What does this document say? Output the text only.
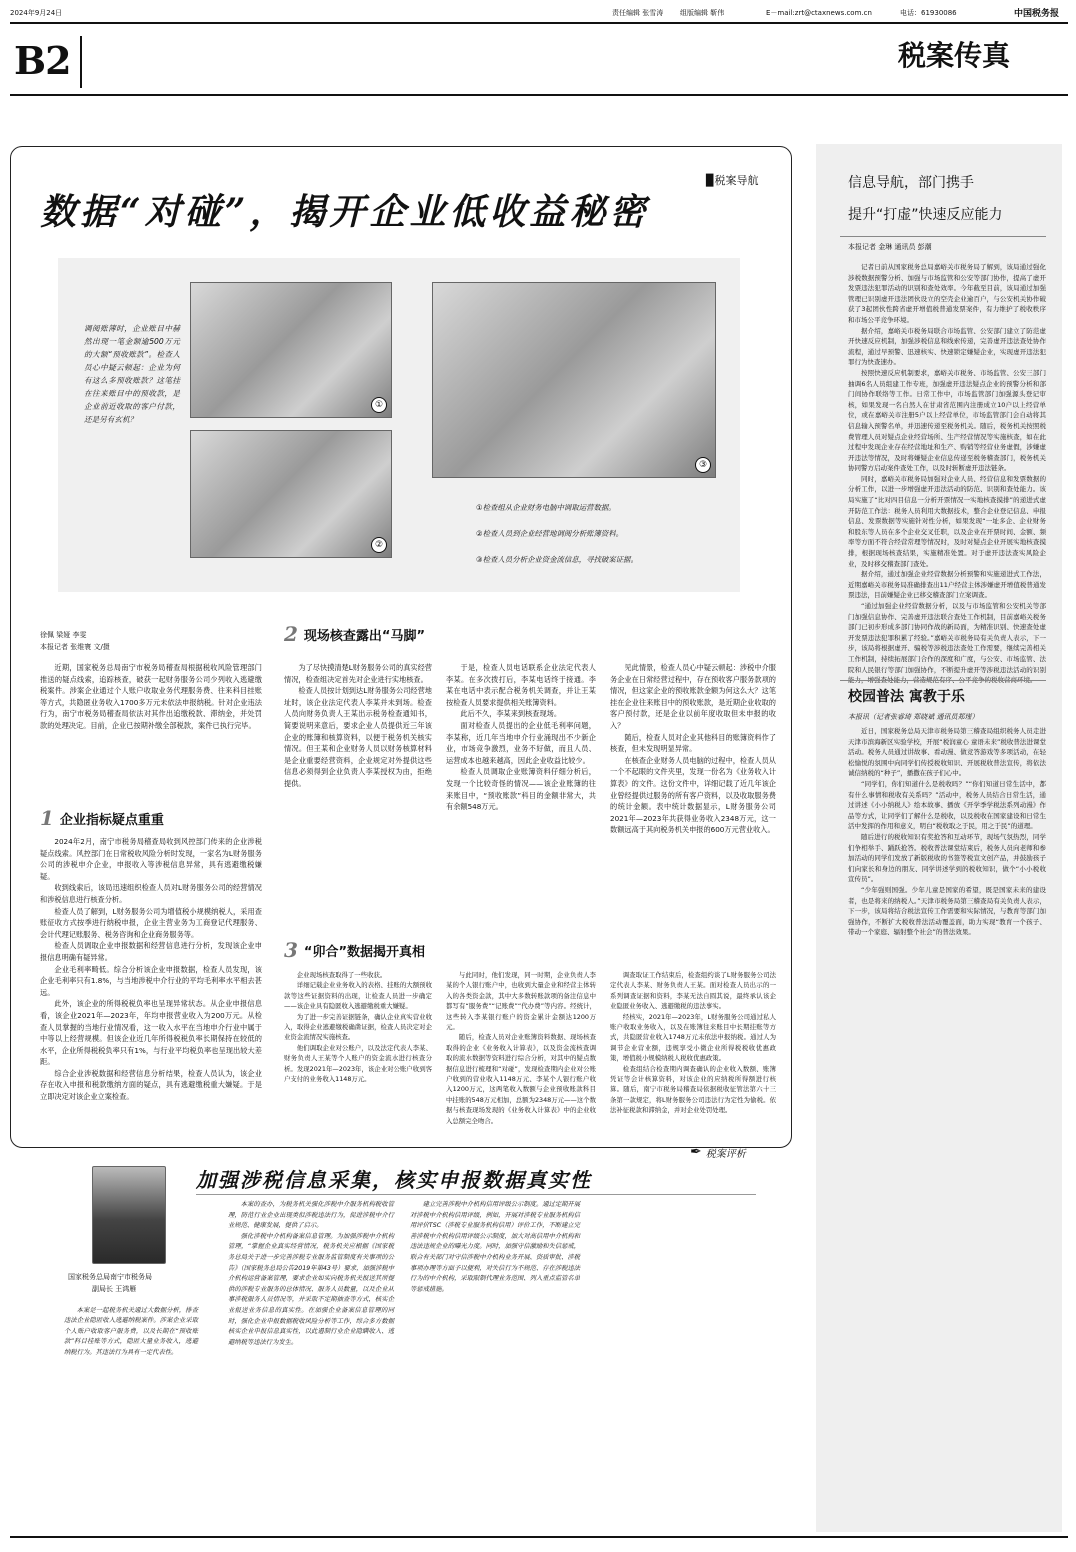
2024年9月24日	责任编辑 张雪涛 组版编辑 靳伟	E－mail:zrt@ctaxnews.com.cn	电话：61930086	中国税务报
B2	税案传真
▉税案导航
数据“对碰”，揭开企业低收益秘密
调阅账簿时，企业账目中赫然出现一笔金额逾500万元的大额“预收账款”。检查人员心中疑云顿起：企业为何有这么多预收账款？这笔挂在往来账目中的预收款，是企业前近收取的客户付款，还是另有玄机？
①
②
③
①检查组从企业财务电脑中调取运营数据。
②检查人员到企业经营地调阅分析账簿资料。
③检查人员分析企业资金流信息，寻找破案证据。
徐佩 梁娅 李雯
本报记者 张维寰 文/摄

近期，国家税务总局南宁市税务局稽查局根据税收风险管理部门推送的疑点线索，追踪核查，破获一起财务服务公司少列收入逃避缴税案件。涉案企业通过个人账户收取业务代理服务费、往来科目挂账等方式，共隐匿业务收入1700多万元未依法申报纳税。针对企业违法行为，南宁市税务局稽查局依法对其作出追缴税款、滞纳金，并处罚款的处理决定。目前，企业已按期补缴全部税款，案件已执行完毕。

1 企业指标疑点重重

2024年2月，南宁市税务局稽查局收到风控部门传来的企业涉税疑点线索。风控部门在日常税收风险分析时发现，一家名为L财务服务公司的涉税申介企业，申报收入等涉税信息异常，具有逃避缴税嫌疑。

收到线索后，该局迅速组织检查人员对L财务服务公司的经营情况和涉税信息进行核查分析。

检查人员了解到，L财务服务公司为增值税小规模纳税人，采用查账征收方式按季进行纳税申报，企业主营业务为工商登记代理服务、会计代理记账服务、税务咨询和企业商务服务等。

检查人员调取企业申报数据和经营信息进行分析，发现该企业申报信息明确有疑异常。

企业毛利率畸低。综合分析该企业申报数据，检查人员发现，该企业毛利率只有1.8%，与当地涉税中介行业的平均毛利率水平相去甚远。

此外，该企业的所得税税负率也呈现异常状态。从企业申报信息看，该企业2021年—2023年，年均申报营业收入为200万元。从检查人员掌握的当地行业情况看，这一收入水平在当地申介行业中属于中等以上经营规模。但该企业近几年所得税税负率长期保持在较低的水平，企业所得税税负率只有1%，与行业平均税负率也呈现出较大差距。

综合企业涉税数据和经营信息分析结果，检查人员认为，该企业存在收入申报和税款缴纳方面的疑点，具有逃避缴税重大嫌疑。于是立即决定对该企业立案检查。

2 现场核查露出“马脚”

为了尽快摸清楚L财务服务公司的真实经营情况，检查组决定首先对企业进行实地核查。

检查人员按计划到达L财务服务公司经营地址时，该企业法定代表人李某并未到场。检查人员向财务负责人王某出示税务检查通知书，简要说明来意后，要求企业人员提供近三年该企业的账簿和核算资料，以便于税务机关核实情况。但王某和企业财务人员以财务核算材料是企业重要经营资料，企业规定对外提供这些信息必须得到企业负责人李某授权为由，拒绝提供。

于是，检查人员电话联系企业法定代表人李某。在多次拨打后，李某电话终于接通。李某在电话中表示配合税务机关调查，并让王某按检查人员要求提供相关账簿资料。

此后不久，李某来到核查现场。

面对检查人员提出的企业低毛利率问题，李某称，近几年当地申介行业涌现出不少新企业，市场竞争激烈，业务不好做，而且人员、运营成本也越来越高，因此企业收益比较少。

检查人员调取企业账簿资料仔细分析后，发现一个比较奇怪的情况——该企业账簿的往来账目中，“预收账款”科目的金额非常大，共有余额548万元。

见此情景，检查人员心中疑云顿起：涉税中介服务企业在日常经营过程中，存在预收客户服务款项的情况，但这家企业的预收账款金额为何这么大？这笔挂在企业往来账目中的预收账款，是近期企业收取的客户预付款，还是企业以前年度收取但未申报的收入？

随后，检查人员对企业其他科目的账簿资料作了核查，但未发现明显异常。

在核查企业财务人员电脑的过程中，检查人员从一个不起眼的文件夹里，发现一份名为《业务收入计算表》的文件。这份文件中，详细记载了近几年该企业曾经提供过服务的所有客户资料，以及收取服务费的统计金额。表中统计数据显示，L财务服务公司2021年—2023年共获得业务收入2348万元，这一数额远高于其向税务机关申报的600万元营业收入。

3 “卯合”数据揭开真相

企业现场核查取得了一些收获。

详细记载企业业务收入的表格、挂账的大额预收款等这些证据资料的出现，让检查人员进一步确定——该企业具有隐匿收入逃避缴税重大嫌疑。

为了进一步完善证据链条，确认企业真实营业收入，取得企业逃避缴税确凿证据，检查人员决定对企业资金流情况实施核查。

他们调取企业对公账户，以及法定代表人李某、财务负责人王某等个人账户的资金流水进行核查分析。发现2021年—2023年，该企业对公账户收到客户支付的业务收入1148万元。

与此同时，他们发现，同一时期，企业负责人李某的个人银行账户中，也收到大量企业和经营主体转入的各类资金款，其中大多数转账款项的备注信息中都写有“服务费”“记账费”“代办费”等内容。经统计，这些转入李某银行账户的资金累计金额达1200万元。

随后，检查人员对企业账簿资料数据、现场核查取得的企业《业务收入计算表》，以及资金流核查调取的流水数据等资料进行综合分析，对其中的疑点数据信息进行梳理和“对碰”，发现检查期内企业对公账户收到的营业收入1148万元、李某个人银行账户收入1200万元，这两笔收入数额与企业预收账款科目中挂账的548万元相加，总额为2348万元——这个数据与核查现场发现的《业务收入计算表》中的企业收入总额完全吻合。

调查取证工作结束后，检查组约谈了L财务服务公司法定代表人李某、财务负责人王某。面对检查人员出示的一系列调查证据和资料，李某无法自圆其说，最终承认该企业隐匿业务收入、逃避缴税的违法事实。

经核实，2021年—2023年，L财务服务公司通过私人账户收取业务收入，以及在账簿往来账目中长期挂账等方式，共隐匿营业收入1748万元未依法申报纳税。通过人为调节企业营业额，违规享受小微企业所得税税收优惠政策，增值税小规模纳税人税收优惠政策。

检查组结合检查期内调查确认的企业收入数额、账簿凭证等会计核算资料，对该企业的应纳税所得额进行核算。随后，南宁市税务局稽查局依据税收征管法第六十三条第一款规定，将L财务服务公司违法行为定性为偷税。依法补征税款和滞纳金，并对企业处罚处理。

✒ 税案评析
加强涉税信息采集，核实申报数据真实性
国家税务总局南宁市税务局
副局长 王鸿雁

本案是一起税务机关通过大数据分析，排查违法企业隐匿收入逃避纳税案件。涉案企业采取个人账户收取客户服务费，以及长期在“预收账款”科目挂账等方式，隐匿大量业务收入，逃避纳税行为。其违法行为具有一定代表性。

本案的查办，为税务机关强化涉税中介服务机构税收管理，防范行业企业出现类似涉税违法行为，促进涉税中介行业规范、健康发展，提供了启示。

强化涉税中介机构备案信息管理。为加强涉税中介机构管理，“掌握企业真实经营情况，税务机关应根据《国家税务总局关于进一步完善涉税专业服务监管制度有关事项的公告》（国家税务总局公告2019年第43号）要求，加强涉税中介机构运营备案管理，要求企业如实向税务机关报送其所提供的涉税专业服务的总体情况、服务人员数量，以及企业从事涉税服务人员情况等，并采取不定期抽查等方式，核实企业报送业务信息的真实性。在加强企业备案信息管理的同时，强化企业申报数据税收风险分析等工作，综合多方数据核实企业申报信息真实性，以此遏制行业企业隐瞒收入、逃避纳税等违法行为发生。

建立完善涉税中介机构信用评级公示制度。通过定期开展对涉税中介机构信用评级，例如，开展对涉税专业服务机构信用评价TSC（涉税专业服务机构信用）评价工作，不断建立完善涉税中介机构信用评级公示制度，加大对高信用中介机构和违法违规企业的曝光力度。同时，加强守信激励和失信惩戒，联合有关部门对守信涉税中介机构业务开展、资质审批、涉税事项办理等方面予以便利，对失信行为不规范、存在涉税违法行为的中介机构，采取限制代理业务范围、列入重点监管名单等惩戒措施。

信息导航，部门携手
提升“打虚”快速反应能力
本报记者 金琳 通讯员 彭潮

记者日前从国家税务总局嘉峪关市税务局了解到，该局通过强化涉税数据预警分析、加强与市场监管和公安等部门协作，提高了虚开发票违法犯罪活动的识别和查处效率。今年截至目前，该局通过加强管理已识别虚开违法团伙设立的空壳企业逾百户，与公安机关协作破获了3起团伙性跨省虚开增值税普通发票案件，有力维护了税收秩序和市场公平竞争环境。

据介绍，嘉峪关市税务局联合市场监管、公安部门建立了防范虚开快速反应机制，加强涉税信息和线索传递，完善虚开违法查处协作流程，通过早预警、迅速核实、快速锁定嫌疑企业，实现虚开违法犯罪行为快查速办。

按照快速反应机制要求，嘉峪关市税务、市场监管、公安三部门抽调6名人员组建工作专班，加强虚开违法疑点企业的预警分析和部门间协作联络等工作。日常工作中，市场监管部门加强源头登记审核，如果发现一名自然人在甘肃省范围内注册成立10户以上经营单位，或在嘉峪关市注册5户以上经营单位，市场监管部门会自动将其信息输入预警名单，并迅速传递至税务机关。随后，税务机关按照税费管理人员对疑点企业经营场所、生产经营情况等实施核查，如在此过程中发现企业存在经营地址和生产、购销等经营业务虚假，涉嫌虚开违法等情况，及时将嫌疑企业信息传递至税务稽查部门，税务机关协同警方启动案件查处工作，以及时斩断虚开违法链条。

同时，嘉峪关市税务局加强对企业人员、经营信息和发票数据的分析工作，以进一步增强虚开违法活动的防范、识别和查处能力。该局实施了“比对四目信息一分析开票情况一实地核查摸排”的递进式虚开防范工作法：税务人员利用大数据技术，整合企业登记信息、申报信息、发票数据等实施针对性分析，如果发现“一址多企、企业财务和股东等人员在多个企业交叉任职，以及企业在开票时间、金额、频率等方面不符合经营常理等情况时，及时对疑点企业开展实地核查摸排，根据现场核查结果，实施精准处置。对于虚开违法查实风险企业，及时移交稽查部门查处。

据介绍，通过加强企业经营数据分析预警和实施递进式工作法，近期嘉峪关市税务局准确排查出11户经营主体涉嫌虚开增值税普通发票违法，目前嫌疑企业已移交稽查部门立案调查。

“通过加强企业经营数据分析，以及与市场监管和公安机关等部门加强信息协作、完善虚开违法联合查处工作机制，目前嘉峪关税务部门已初步形成多部门协同作战的新局面，为精准识别、快速查处虚开发票违法犯罪积累了经验。”嘉峪关市税务局有关负责人表示，下一步，该局将根据虚开、骗税等涉税违法查处工作需要，继续完善相关工作机制，持续拓展部门合作的深度和广度，与公安、市场监管、法院和人民银行等部门加强协作，不断提升虚开等涉税违法活动的识别

校园普法 寓教于乐
本报讯（记者张睿琦 郑晓斌 通讯员郑瑾）

近日，国家税务总局天津市税务局第三稽查局组织税务人员走进天津市滨海新区实验学校，开展“税润童心 童语未来”税收普法进课堂活动。税务人员通过讲故事、看动漫、做竞答游戏等多项活动，在轻松愉悦的氛围中向同学们传授税收知识、开展税收普法宣传，将依法诚信纳税的“种子”，播撒在孩子们心中。

“同学们，你们知道什么是税收吗？”“你们知道日常生活中，都有什么事情和税收有关系吗？”活动中，税务人员结合日常生活，通过讲述《小小纳税人》绘本故事、播放《开学季学税法系列动漫》作品等方式，让同学们了解什么是税收，以及税收在国家建设和日常生活中发挥的作用和意义，明白“税收取之于民，用之于民”的道理。

随后进行的税收知识有奖抢答和互动环节，现场气氛热烈，同学们争相举手、踊跃抢答。税收普法课堂结束后，税务人员向老师和参加活动的同学们发放了新版税收的书签等税宣文创产品，并鼓励孩子们向家长和身边的朋友、同学讲述学到的税收知识，做个“小小税收宣传员”。

“少年强则国强。少年儿童是国家的希望，既是国家未来的建设者，也是将来的纳税人。”天津市税务局第三稽查局有关负责人表示，下一步，该局将结合税法宣传工作需要和实际情况，与教育等部门加强协作，不断扩大税收普法活动覆盖面，助力实现“教育一个孩子、带动一个家庭、辐射整个社会”的普法效果。
